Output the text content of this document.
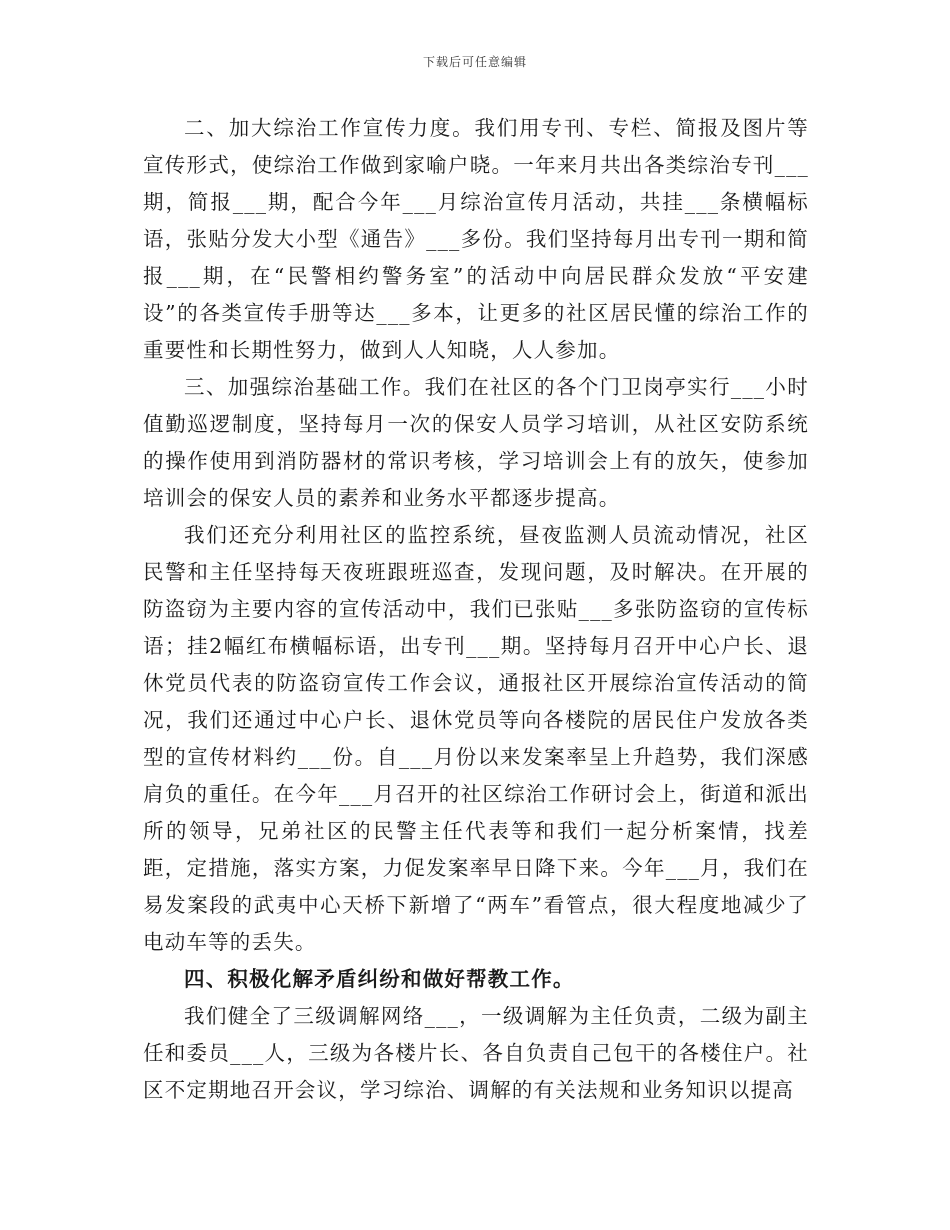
下载后可任意编辑

二、加大综治工作宣传力度。我们用专刊、专栏、简报及图片等宣传形式，使综治工作做到家喻户晓。一年来月共出各类综治专刊___期，简报___期，配合今年___月综治宣传月活动，共挂___条横幅标语，张贴分发大小型《通告》___多份。我们坚持每月出专刊一期和简报___期，在“民警相约警务室”的活动中向居民群众发放“平安建设”的各类宣传手册等达___多本，让更多的社区居民懂的综治工作的重要性和长期性努力，做到人人知晓，人人参加。

三、加强综治基础工作。我们在社区的各个门卫岗亭实行___小时值勤巡逻制度，坚持每月一次的保安人员学习培训，从社区安防系统的操作使用到消防器材的常识考核，学习培训会上有的放矢，使参加培训会的保安人员的素养和业务水平都逐步提高。

我们还充分利用社区的监控系统，昼夜监测人员流动情况，社区民警和主任坚持每天夜班跟班巡查，发现问题，及时解决。在开展的防盗窃为主要内容的宣传活动中，我们已张贴___多张防盗窃的宣传标语；挂2幅红布横幅标语，出专刊___期。坚持每月召开中心户长、退休党员代表的防盗窃宣传工作会议，通报社区开展综治宣传活动的简况，我们还通过中心户长、退休党员等向各楼院的居民住户发放各类型的宣传材料约___份。自___月份以来发案率呈上升趋势，我们深感肩负的重任。在今年___月召开的社区综治工作研讨会上，街道和派出所的领导，兄弟社区的民警主任代表等和我们一起分析案情，找差距，定措施，落实方案，力促发案率早日降下来。今年___月，我们在易发案段的武夷中心天桥下新增了“两车”看管点，很大程度地减少了电动车等的丢失。

四、积极化解矛盾纠纷和做好帮教工作。

我们健全了三级调解网络___，一级调解为主任负责，二级为副主任和委员___人，三级为各楼片长、各自负责自己包干的各楼住户。社区不定期地召开会议，学习综治、调解的有关法规和业务知识以提高
